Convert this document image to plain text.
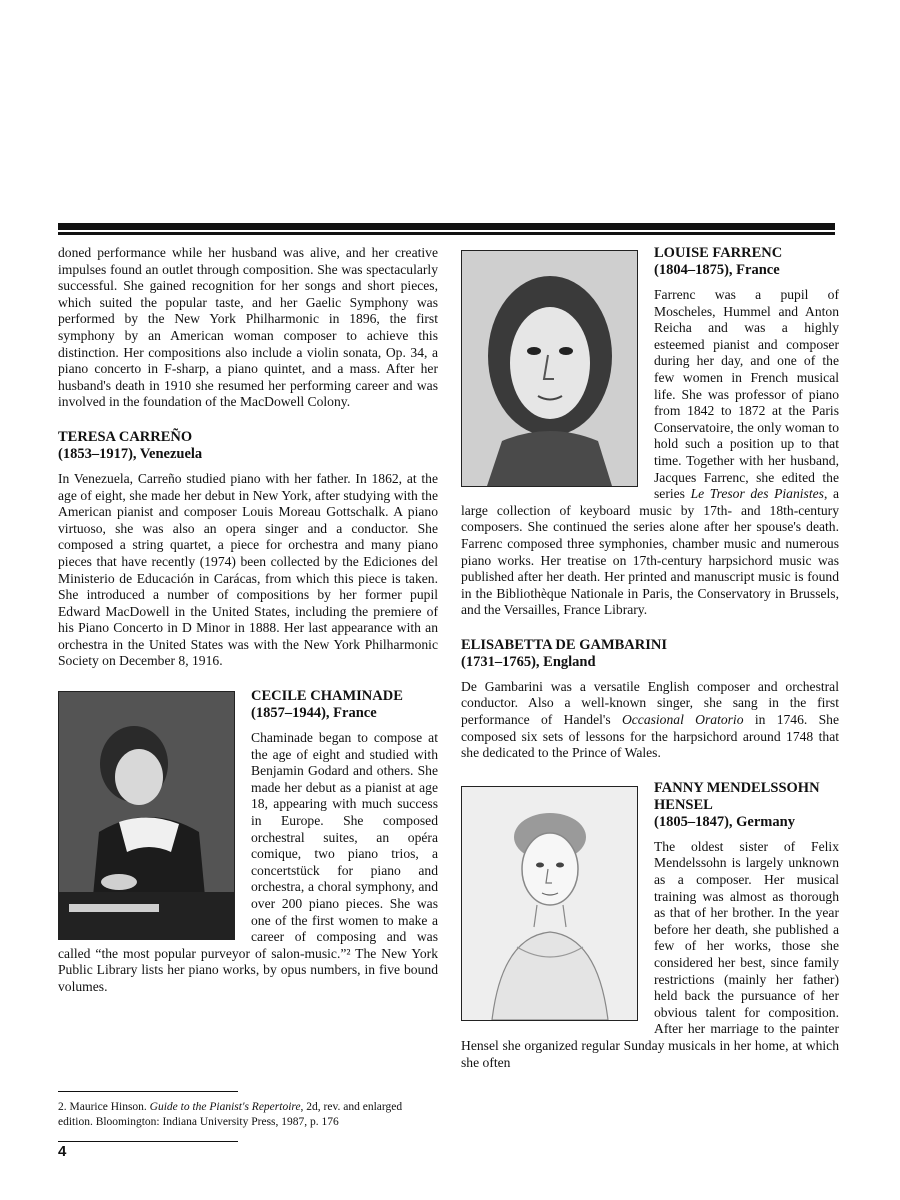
doned performance while her husband was alive, and her creative impulses found an outlet through composition. She was spectacularly successful. She gained recognition for her songs and short pieces, which suited the popular taste, and her Gaelic Symphony was performed by the New York Philharmonic in 1896, the first symphony by an American woman composer to achieve this distinction. Her compositions also include a violin sonata, Op. 34, a piano concerto in F-sharp, a piano quintet, and a mass. After her husband's death in 1910 she resumed her performing career and was involved in the foundation of the MacDowell Colony.

TERESA CARREÑO

(1853–1917), Venezuela

In Venezuela, Carreño studied piano with her father. In 1862, at the age of eight, she made her debut in New York, after studying with the American pianist and composer Louis Moreau Gottschalk. A piano virtuoso, she was also an opera singer and a conductor. She composed a string quartet, a piece for orchestra and many piano pieces that have recently (1974) been collected by the Ediciones del Ministerio de Educación in Carácas, from which this piece is taken. She introduced a number of compositions by her former pupil Edward MacDowell in the United States, including the premiere of his Piano Concerto in D Minor in 1888. Her last appearance with an orchestra in the United States was with the New York Philharmonic Society on December 8, 1916.

CECILE CHAMINADE

(1857–1944), France

Chaminade began to compose at the age of eight and studied with Benjamin Godard and others. She made her debut as a pianist at age 18, appearing with much success in Europe. She composed orchestral suites, an opéra comique, two piano trios, a concertstück for piano and orchestra, a choral symphony, and over 200 piano pieces. She was one of the first women to make a career of composing and was called “the most popular purveyor of salon-music.”² The New York Public Library lists her piano works, by opus numbers, in five bound volumes.

2. Maurice Hinson. Guide to the Pianist's Repertoire, 2d, rev. and enlarged edition. Bloomington: Indiana University Press, 1987, p. 176

4

LOUISE FARRENC

(1804–1875), France

Farrenc was a pupil of Moscheles, Hummel and Anton Reicha and was a highly esteemed pianist and composer during her day, and one of the few women in French musical life. She was professor of piano from 1842 to 1872 at the Paris Conservatoire, the only woman to hold such a position up to that time. Together with her husband, Jacques Farrenc, she edited the series Le Tresor des Pianistes, a large collection of keyboard music by 17th- and 18th-century composers. She continued the series alone after her spouse's death. Farrenc composed three symphonies, chamber music and numerous piano works. Her treatise on 17th-century harpsichord music was published after her death. Her printed and manuscript music is found in the Bibliothèque Nationale in Paris, the Conservatory in Brussels, and the Versailles, France Library.

ELISABETTA DE GAMBARINI

(1731–1765), England

De Gambarini was a versatile English composer and orchestral conductor. Also a well-known singer, she sang in the first performance of Handel's Occasional Oratorio in 1746. She composed six sets of lessons for the harpsichord around 1748 that she dedicated to the Prince of Wales.

FANNY MENDELSSOHN HENSEL

(1805–1847), Germany

The oldest sister of Felix Mendelssohn is largely unknown as a composer. Her musical training was almost as thorough as that of her brother. In the year before her death, she published a few of her works, those she considered her best, since family restrictions (mainly her father) held back the pursuance of her obvious talent for composition. After her marriage to the painter Hensel she organized regular Sunday musicals in her home, at which she often
